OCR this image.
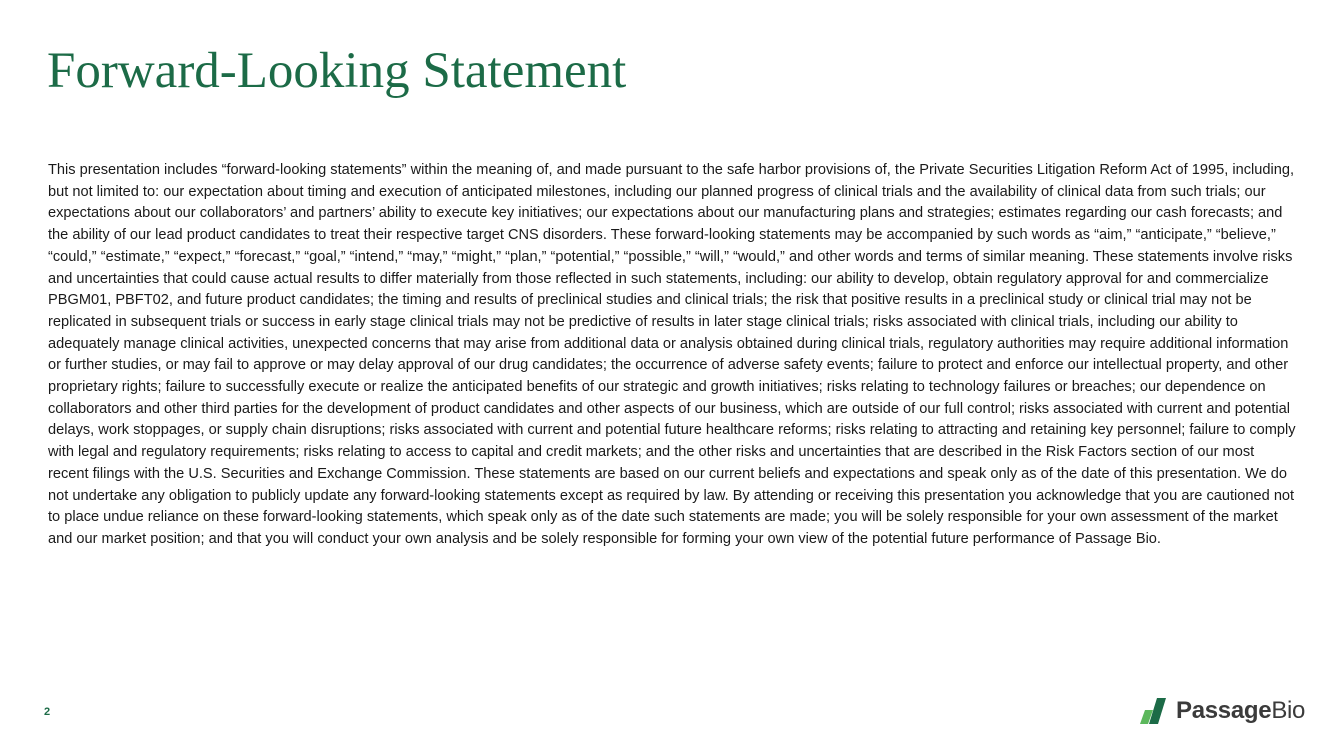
Forward-Looking Statement

This presentation includes “forward-looking statements” within the meaning of, and made pursuant to the safe harbor provisions of, the Private Securities Litigation Reform Act of 1995, including, but not limited to: our expectation about timing and execution of anticipated milestones, including our planned progress of clinical trials and the availability of clinical data from such trials; our expectations about our collaborators’ and partners’ ability to execute key initiatives; our expectations about our manufacturing plans and strategies; estimates regarding our cash forecasts; and the ability of our lead product candidates to treat their respective target CNS disorders. These forward-looking statements may be accompanied by such words as “aim,” “anticipate,” “believe,” “could,” “estimate,” “expect,” “forecast,” “goal,” “intend,” “may,” “might,” “plan,” “potential,” “possible,” “will,” “would,” and other words and terms of similar meaning. These statements involve risks and uncertainties that could cause actual results to differ materially from those reflected in such statements, including: our ability to develop, obtain regulatory approval for and commercialize PBGM01, PBFT02, and future product candidates; the timing and results of preclinical studies and clinical trials; the risk that positive results in a preclinical study or clinical trial may not be replicated in subsequent trials or success in early stage clinical trials may not be predictive of results in later stage clinical trials; risks associated with clinical trials, including our ability to adequately manage clinical activities, unexpected concerns that may arise from additional data or analysis obtained during clinical trials, regulatory authorities may require additional information or further studies, or may fail to approve or may delay approval of our drug candidates; the occurrence of adverse safety events; failure to protect and enforce our intellectual property, and other proprietary rights; failure to successfully execute or realize the anticipated benefits of our strategic and growth initiatives; risks relating to technology failures or breaches; our dependence on collaborators and other third parties for the development of product candidates and other aspects of our business, which are outside of our full control; risks associated with current and potential delays, work stoppages, or supply chain disruptions; risks associated with current and potential future healthcare reforms; risks relating to attracting and retaining key personnel; failure to comply with legal and regulatory requirements; risks relating to access to capital and credit markets; and the other risks and uncertainties that are described in the Risk Factors section of our most recent filings with the U.S. Securities and Exchange Commission. These statements are based on our current beliefs and expectations and speak only as of the date of this presentation. We do not undertake any obligation to publicly update any forward-looking statements except as required by law. By attending or receiving this presentation you acknowledge that you are cautioned not to place undue reliance on these forward-looking statements, which speak only as of the date such statements are made; you will be solely responsible for your own assessment of the market and our market position; and that you will conduct your own analysis and be solely responsible for forming your own view of the potential future performance of Passage Bio.

2	PassageBio
